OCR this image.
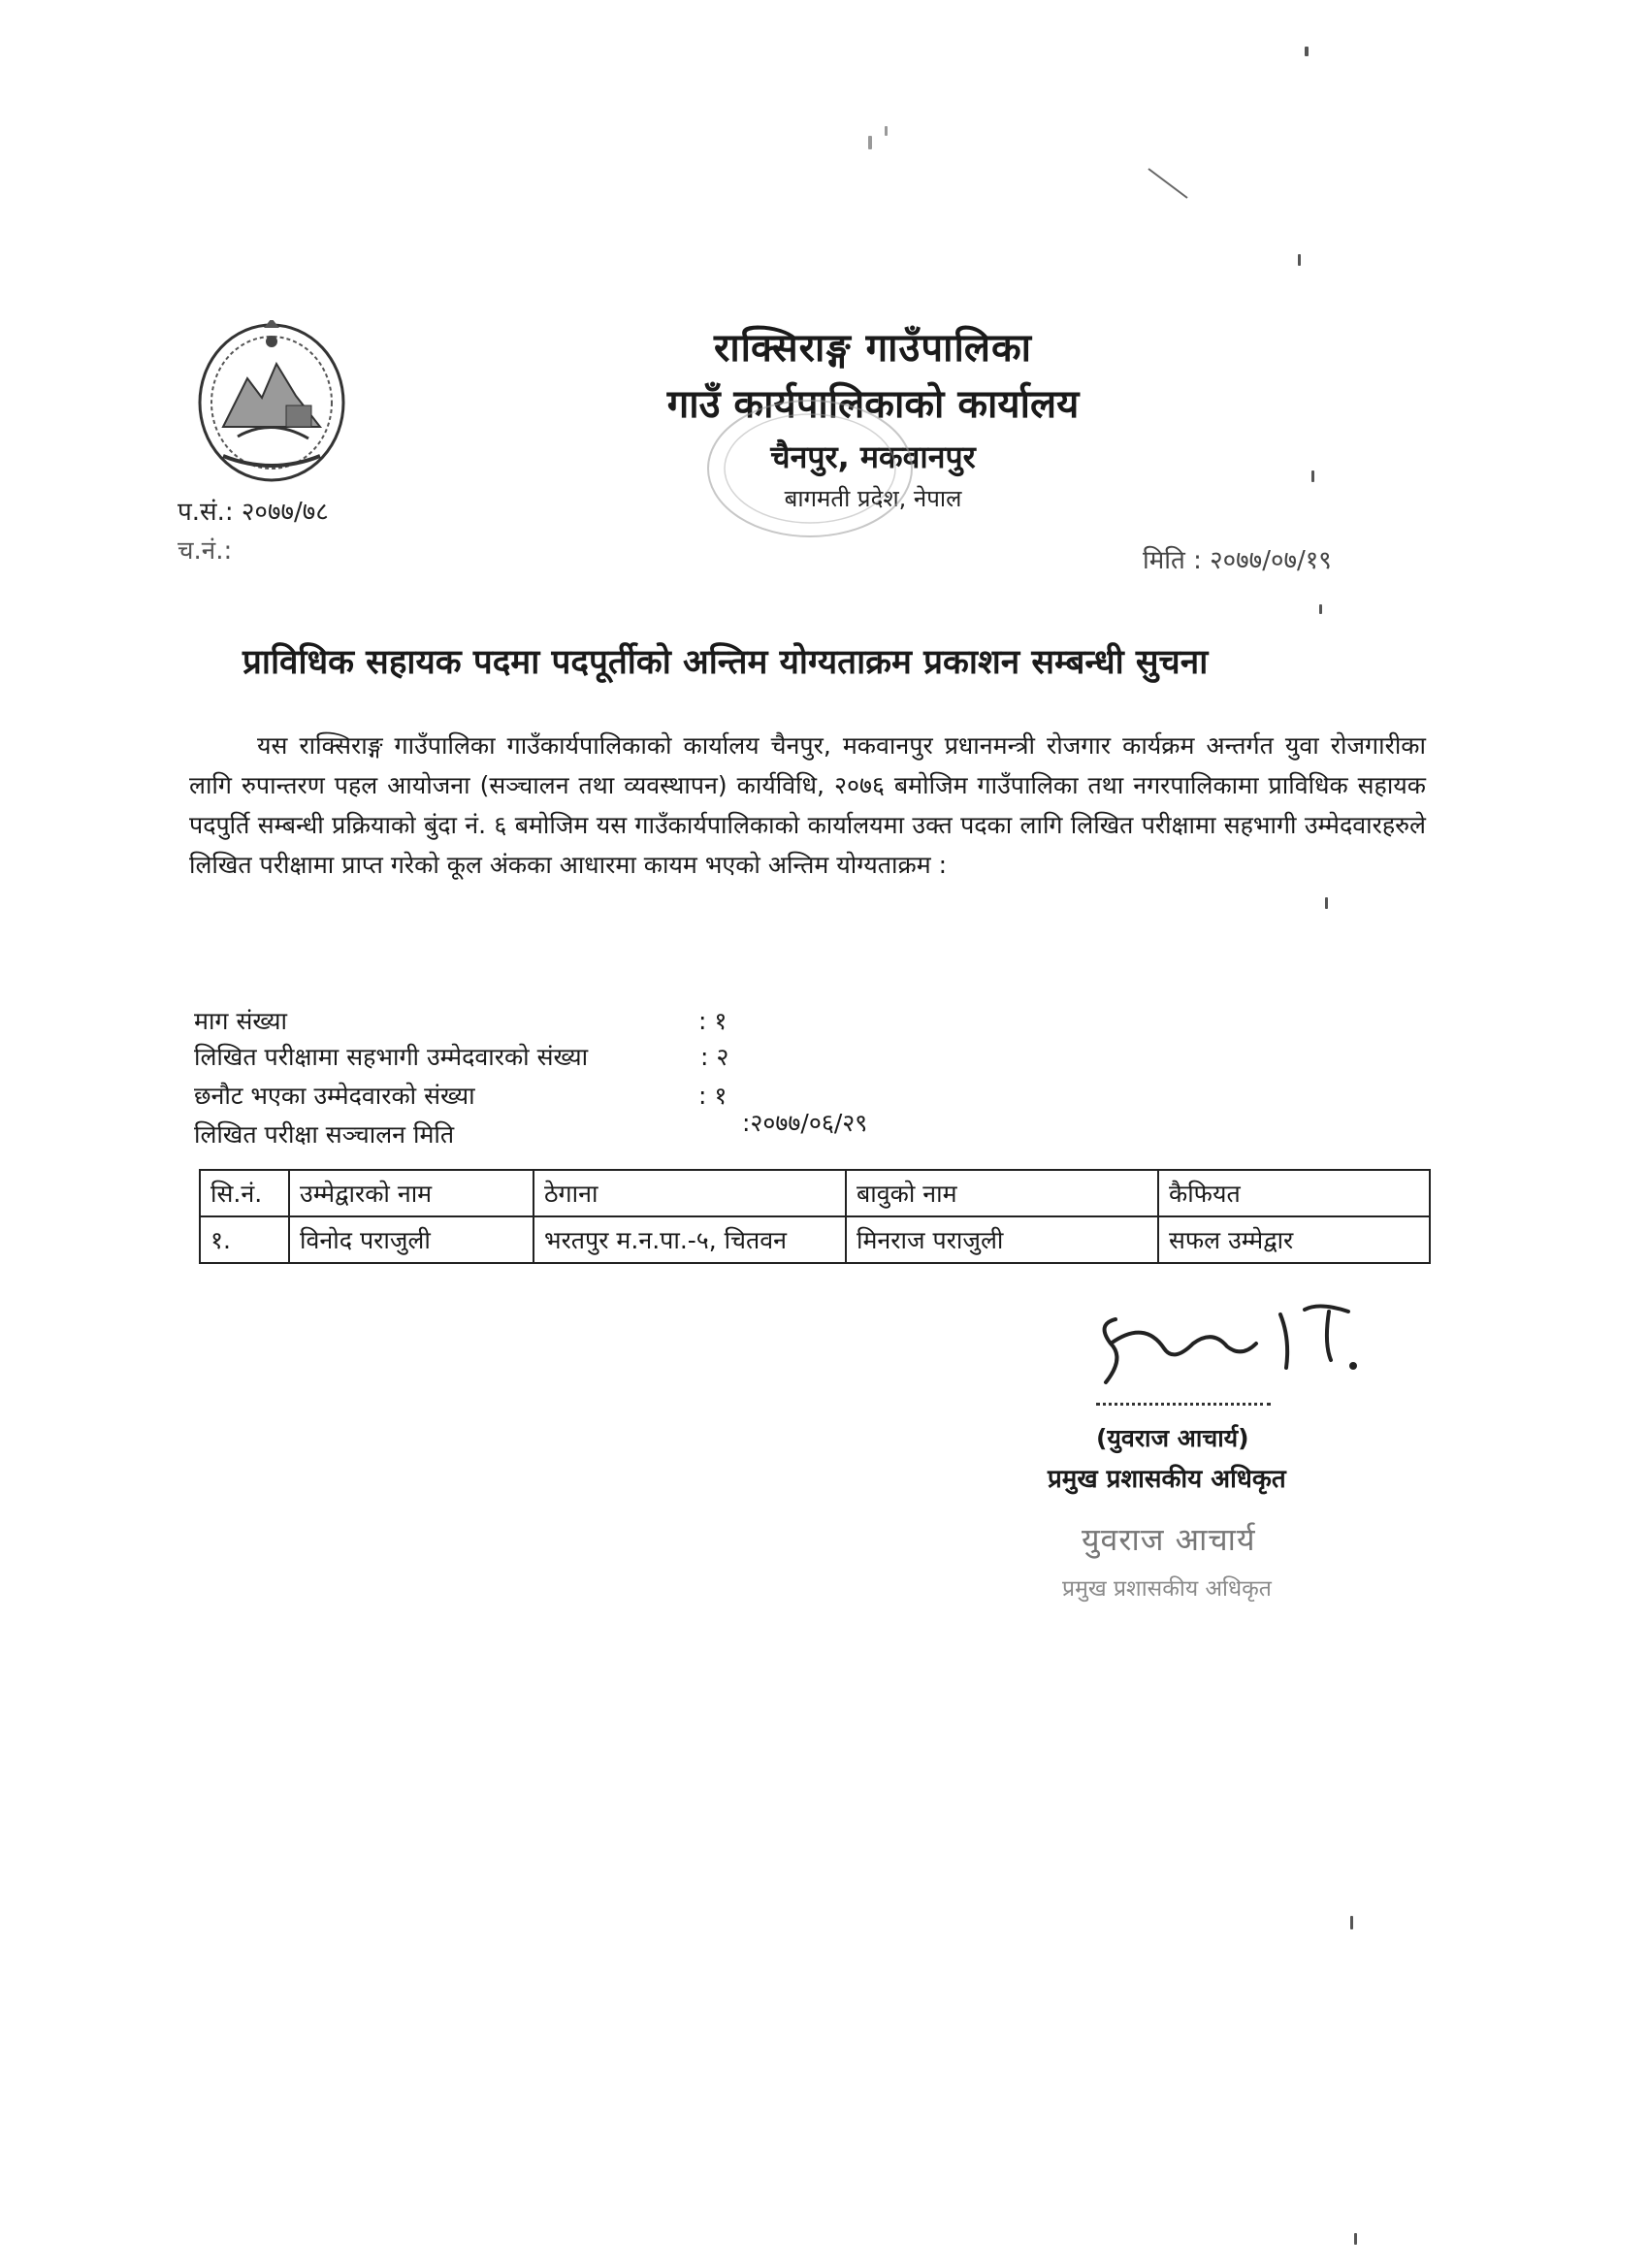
राक्सिराङ्ग गाउँपालिका
गाउँ कार्यपालिकाको कार्यालय
चैनपुर, मकवानपुर
बागमती प्रदेश, नेपाल
प.सं.: २०७७/७८
च.नं.:	मिति : २०७७/०७/१९
प्राविधिक सहायक पदमा पदपूर्तीको अन्तिम योग्यताक्रम प्रकाशन सम्बन्धी सुचना
यस राक्सिराङ्ग गाउँपालिका गाउँकार्यपालिकाको कार्यालय चैनपुर, मकवानपुर प्रधानमन्त्री रोजगार कार्यक्रम अन्तर्गत युवा रोजगारीका लागि रुपान्तरण पहल आयोजना (सञ्चालन तथा व्यवस्थापन) कार्यविधि, २०७६ बमोजिम गाउँपालिका तथा नगरपालिकामा प्राविधिक सहायक पदपुर्ति सम्बन्धी प्रक्रियाको बुंदा नं. ६ बमोजिम यस गाउँकार्यपालिकाको कार्यालयमा उक्त पदका लागि लिखित परीक्षामा सहभागी उम्मेदवारहरुले लिखित परीक्षामा प्राप्त गरेको कूल अंकका आधारमा कायम भएको अन्तिम योग्यताक्रम :
माग संख्या	: १
लिखित परीक्षामा सहभागी उम्मेदवारको संख्या	: २
छनौट भएका उम्मेदवारको संख्या	: १
लिखित परीक्षा सञ्चालन मिति	:२०७७/०६/२९
सि.नं.	उम्मेद्वारको नाम	ठेगाना	बावुको नाम	कैफियत
१.	विनोद पराजुली	भरतपुर म.न.पा.-५, चितवन	मिनराज पराजुली	सफल उम्मेद्वार
(युवराज आचार्य)
प्रमुख प्रशासकीय अधिकृत
युवराज आचार्य
प्रमुख प्रशासकीय अधिकृत
